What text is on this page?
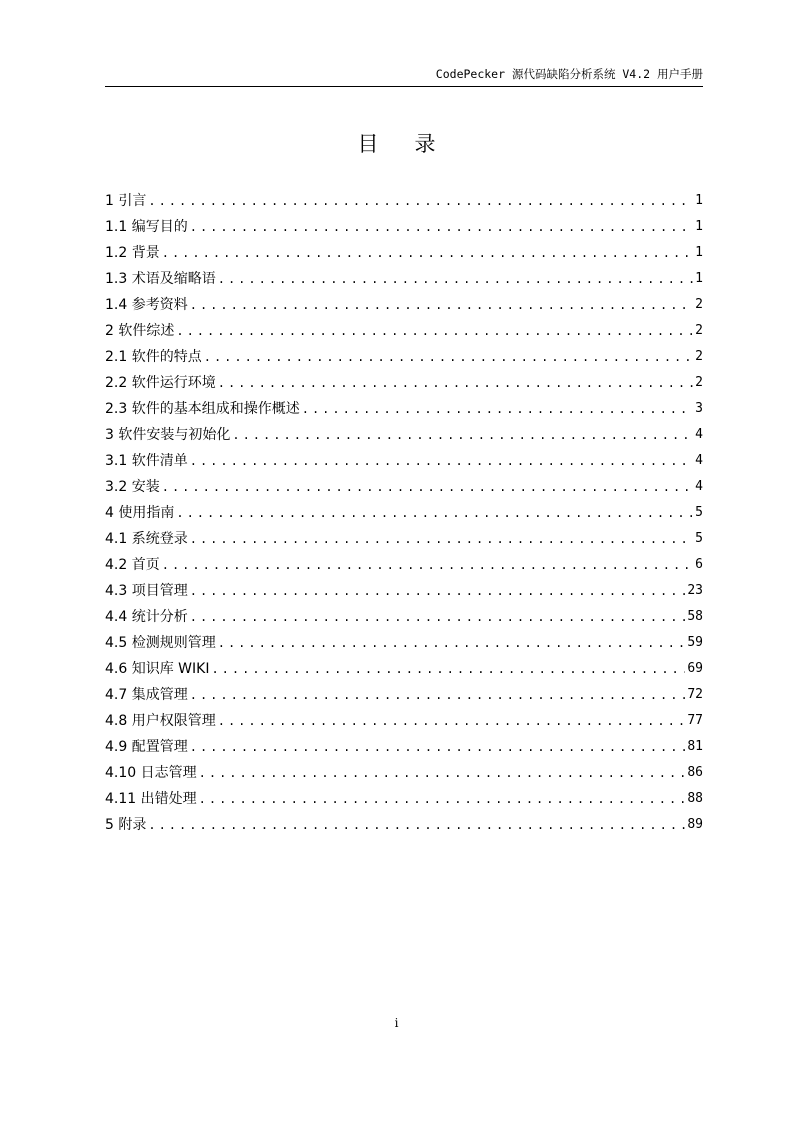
CodePecker 源代码缺陷分析系统 V4.2 用户手册
目录
1 引言 .....	1
1.1 编写目的 .....	1
1.2 背景 .....	1
1.3 术语及缩略语 .....	1
1.4 参考资料 .....	2
2 软件综述 .....	2
2.1 软件的特点 .....	2
2.2 软件运行环境 .....	2
2.3 软件的基本组成和操作概述 .....	3
3 软件安装与初始化 .....	4
3.1 软件清单 .....	4
3.2 安装 .....	4
4 使用指南 .....	5
4.1 系统登录 .....	5
4.2 首页 .....	6
4.3 项目管理 .....	23
4.4 统计分析 .....	58
4.5 检测规则管理 .....	59
4.6 知识库 WIKI .....	69
4.7 集成管理 .....	72
4.8 用户权限管理 .....	77
4.9 配置管理 .....	81
4.10 日志管理 .....	86
4.11 出错处理 .....	88
5 附录 .....	89
i
